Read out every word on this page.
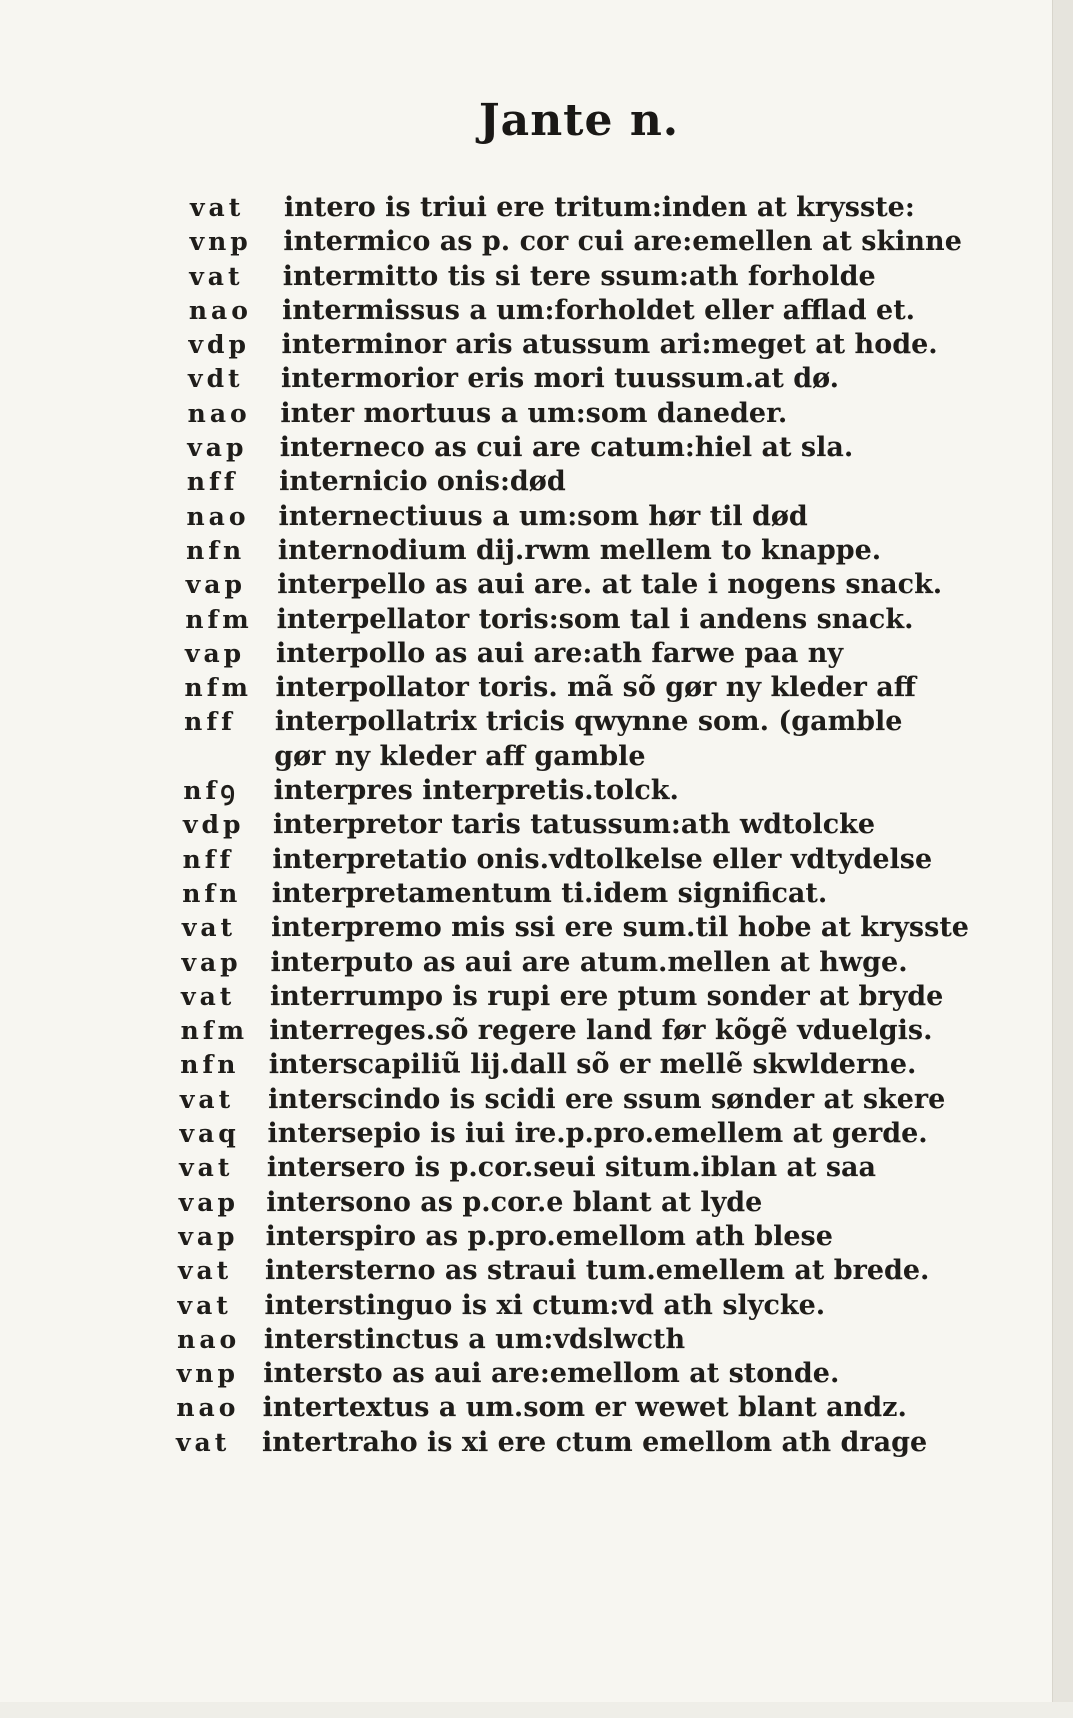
Jante n.
vat	intero is triui ere tritum:inden at krysste:
vnp	intermico as p. cor cui are:emellen at skinne
vat	intermitto tis si tere ssum:ath forholde
nao	intermissus a um:forholdet eller afflad et.
vdp	interminor aris atussum ari:meget at hode.
vdt	intermorior eris mori tuussum.at dø.
nao	inter mortuus a um:som daneder.
vap	interneco as cui are catum:hiel at sla.
nff	internicio onis:død
nao	internectiuus a um:som hør til død
nfn	internodium dij.rwm mellem to knappe.
vap	interpello as aui are. at tale i nogens snack.
nfm interpellator toris:som tal i andens snack.
vap	interpollo as aui are:ath farwe paa ny
nfm interpollator toris. mã sõ gør ny kleder aff
nff	interpollatrix tricis qwynne som. (gamble
gør ny kleder aff gamble
nfꝯ	interpres interpretis.tolck.
vdp	interpretor taris tatussum:ath wdtolcke
nff	interpretatio onis.vdtolkelse eller vdtydelse
nfn	interpretamentum ti.idem significat.
vat	interpremo mis ssi ere sum.til hobe at krysste
vap	interputo as aui are atum.mellen at hwge.
vat	interrumpo is rupi ere ptum sonder at bryde
nfm interreges.sõ regere land før kõgẽ vduelgis.
nfn	interscapiliũ lij.dall sõ er mellẽ skwlderne.
vat	interscindo is scidi ere ssum sønder at skere
vaq	intersepio is iui ire.p.pro.emellem at gerde.
vat	intersero is p.cor.seui situm.iblan at saa
vap	intersono as p.cor.e blant at lyde
vap	interspiro as p.pro.emellom ath blese
vat	intersterno as straui tum.emellem at brede.
vat	interstinguo is xi ctum:vd ath slycke.
nao interstinctus a um:vdslwcth
vnp intersto as aui are:emellom at stonde.
nao intertextus a um.som er wewet blant andz.
vat	intertraho is xi ere ctum emellom ath drage
